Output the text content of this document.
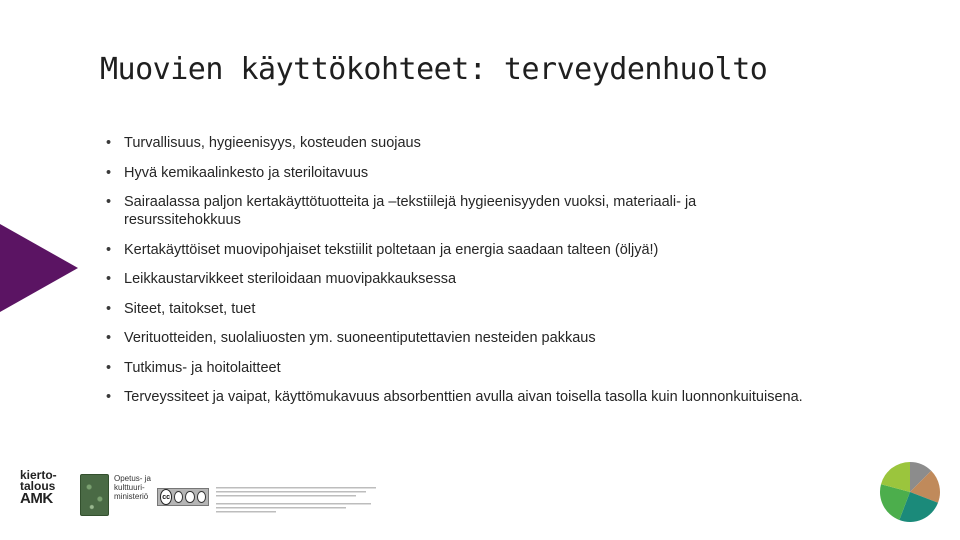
Muovien käyttökohteet: terveydenhuolto
• Turvallisuus, hygieenisyys, kosteuden suojaus
• Hyvä kemikaalinkesto ja steriloitavuus
• Sairaalassa paljon kertakäyttötuotteita ja –tekstiilejä hygieenisyyden vuoksi, materiaali- ja resurssitehokkuus
• Kertakäyttöiset muovipohjaiset tekstiilit poltetaan ja energia saadaan talteen (öljyä!)
• Leikkaustarvikkeet steriloidaan muovipakkauksessa
• Siteet, taitokset, tuet
• Verituotteiden, suolaliuosten ym. suoneentiputettavien nesteiden pakkaus
• Tutkimus- ja hoitolaitteet
• Terveyssiteet ja vaipat, käyttömukavuus absorbenttien avulla aivan toisella tasolla kuin luonnonkuituisena.
kierto-
talous
AMK
Opetus- ja
kulttuuri-
ministeriö	cc
